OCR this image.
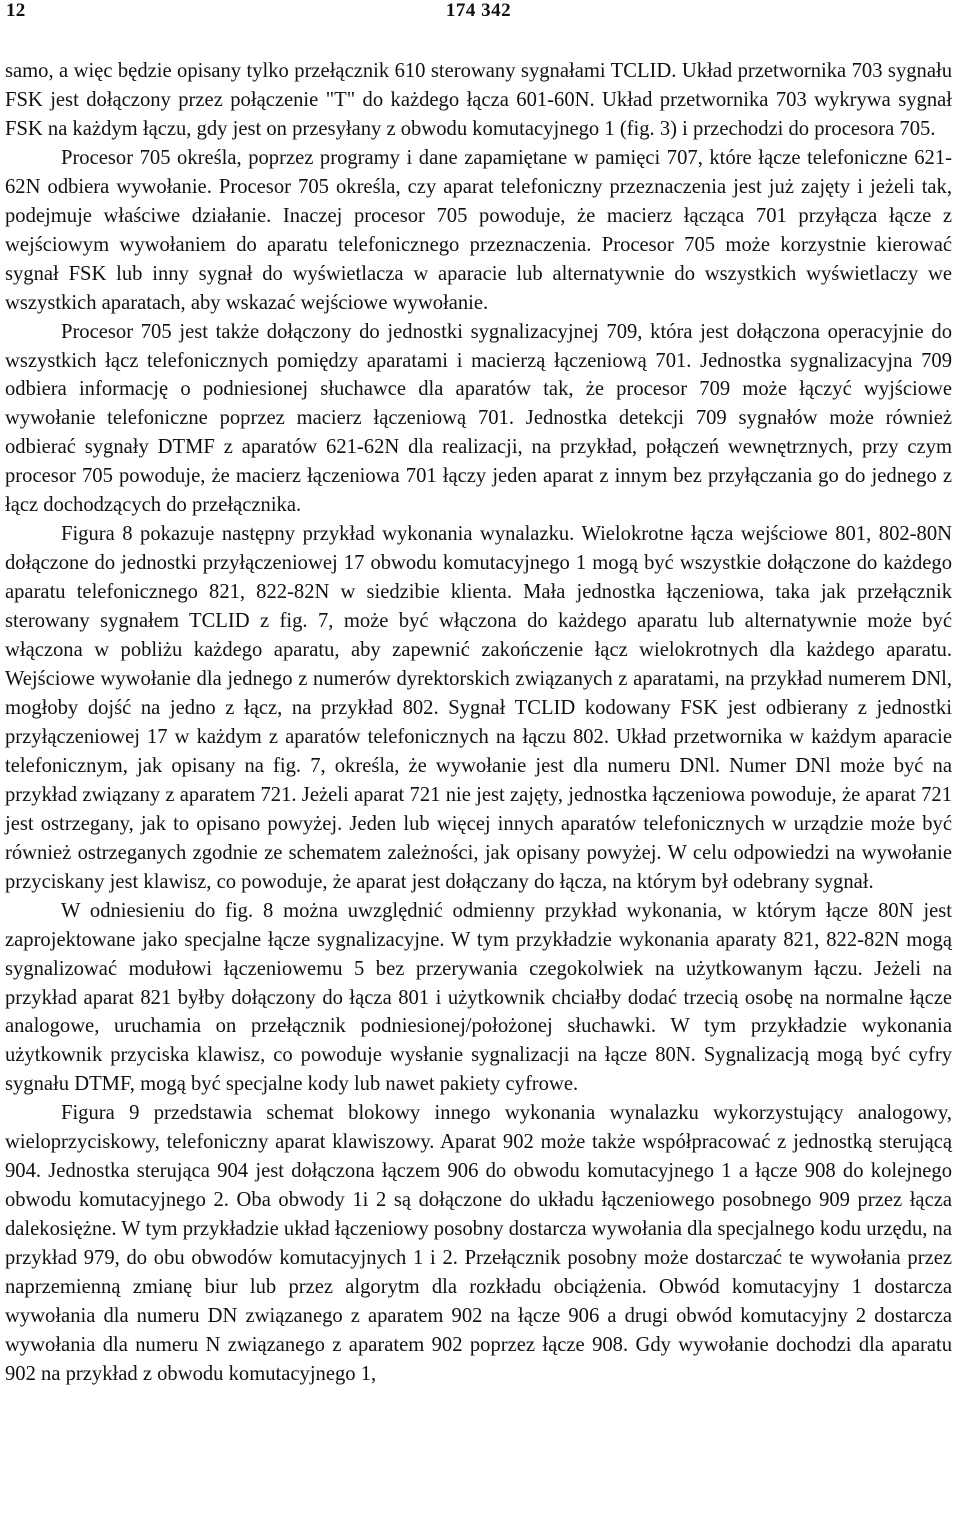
12	174 342

samo, a więc będzie opisany tylko przełącznik 610 sterowany sygnałami TCLID. Układ przetwornika 703 sygnału FSK jest dołączony przez połączenie "T" do każdego łącza 601-60N. Układ przetwornika 703 wykrywa sygnał FSK na każdym łączu, gdy jest on przesyłany z obwodu komutacyjnego 1 (fig. 3) i przechodzi do procesora 705.

Procesor 705 określa, poprzez programy i dane zapamiętane w pamięci 707, które łącze telefoniczne 621-62N odbiera wywołanie. Procesor 705 określa, czy aparat telefoniczny przeznaczenia jest już zajęty i jeżeli tak, podejmuje właściwe działanie. Inaczej procesor 705 powoduje, że macierz łącząca 701 przyłącza łącze z wejściowym wywołaniem do aparatu telefonicznego przeznaczenia. Procesor 705 może korzystnie kierować sygnał FSK lub inny sygnał do wyświetlacza w aparacie lub alternatywnie do wszystkich wyświetlaczy we wszystkich aparatach, aby wskazać wejściowe wywołanie.

Procesor 705 jest także dołączony do jednostki sygnalizacyjnej 709, która jest dołączona operacyjnie do wszystkich łącz telefonicznych pomiędzy aparatami i macierzą łączeniową 701. Jednostka sygnalizacyjna 709 odbiera informację o podniesionej słuchawce dla aparatów tak, że procesor 709 może łączyć wyjściowe wywołanie telefoniczne poprzez macierz łączeniową 701. Jednostka detekcji 709 sygnałów może również odbierać sygnały DTMF z aparatów 621-62N dla realizacji, na przykład, połączeń wewnętrznych, przy czym procesor 705 powoduje, że macierz łączeniowa 701 łączy jeden aparat z innym bez przyłączania go do jednego z łącz dochodzących do przełącznika.

Figura 8 pokazuje następny przykład wykonania wynalazku. Wielokrotne łącza wejściowe 801, 802-80N dołączone do jednostki przyłączeniowej 17 obwodu komutacyjnego 1 mogą być wszystkie dołączone do każdego aparatu telefonicznego 821, 822-82N w siedzibie klienta. Mała jednostka łączeniowa, taka jak przełącznik sterowany sygnałem TCLID z fig. 7, może być włączona do każdego aparatu lub alternatywnie może być włączona w pobliżu każdego aparatu, aby zapewnić zakończenie łącz wielokrotnych dla każdego aparatu. Wejściowe wywołanie dla jednego z numerów dyrektorskich związanych z aparatami, na przykład numerem DNl, mogłoby dojść na jedno z łącz, na przykład 802. Sygnał TCLID kodowany FSK jest odbierany z jednostki przyłączeniowej 17 w każdym z aparatów telefonicznych na łączu 802. Układ przetwornika w każdym aparacie telefonicznym, jak opisany na fig. 7, określa, że wywołanie jest dla numeru DNl. Numer DNl może być na przykład związany z aparatem 721. Jeżeli aparat 721 nie jest zajęty, jednostka łączeniowa powoduje, że aparat 721 jest ostrzegany, jak to opisano powyżej. Jeden lub więcej innych aparatów telefonicznych w urządzie może być również ostrzeganych zgodnie ze schematem zależności, jak opisany powyżej. W celu odpowiedzi na wywołanie przyciskany jest klawisz, co powoduje, że aparat jest dołączany do łącza, na którym był odebrany sygnał.

W odniesieniu do fig. 8 można uwzględnić odmienny przykład wykonania, w którym łącze 80N jest zaprojektowane jako specjalne łącze sygnalizacyjne. W tym przykładzie wykonania aparaty 821, 822-82N mogą sygnalizować modułowi łączeniowemu 5 bez przerywania czegokolwiek na użytkowanym łączu. Jeżeli na przykład aparat 821 byłby dołączony do łącza 801 i użytkownik chciałby dodać trzecią osobę na normalne łącze analogowe, uruchamia on przełącznik podniesionej/położonej słuchawki. W tym przykładzie wykonania użytkownik przyciska klawisz, co powoduje wysłanie sygnalizacji na łącze 80N. Sygnalizacją mogą być cyfry sygnału DTMF, mogą być specjalne kody lub nawet pakiety cyfrowe.

Figura 9 przedstawia schemat blokowy innego wykonania wynalazku wykorzystujący analogowy, wieloprzyciskowy, telefoniczny aparat klawiszowy. Aparat 902 może także współpracować z jednostką sterującą 904. Jednostka sterująca 904 jest dołączona łączem 906 do obwodu komutacyjnego 1 a łącze 908 do kolejnego obwodu komutacyjnego 2. Oba obwody 1i 2 są dołączone do układu łączeniowego posobnego 909 przez łącza dalekosiężne. W tym przykładzie układ łączeniowy posobny dostarcza wywołania dla specjalnego kodu urzędu, na przykład 979, do obu obwodów komutacyjnych 1 i 2. Przełącznik posobny może dostarczać te wywołania przez naprzemienną zmianę biur lub przez algorytm dla rozkładu obciążenia. Obwód komutacyjny 1 dostarcza wywołania dla numeru DN związanego z aparatem 902 na łącze 906 a drugi obwód komutacyjny 2 dostarcza wywołania dla numeru N związanego z aparatem 902 poprzez łącze 908. Gdy wywołanie dochodzi dla aparatu 902 na przykład z obwodu komutacyjnego 1,
